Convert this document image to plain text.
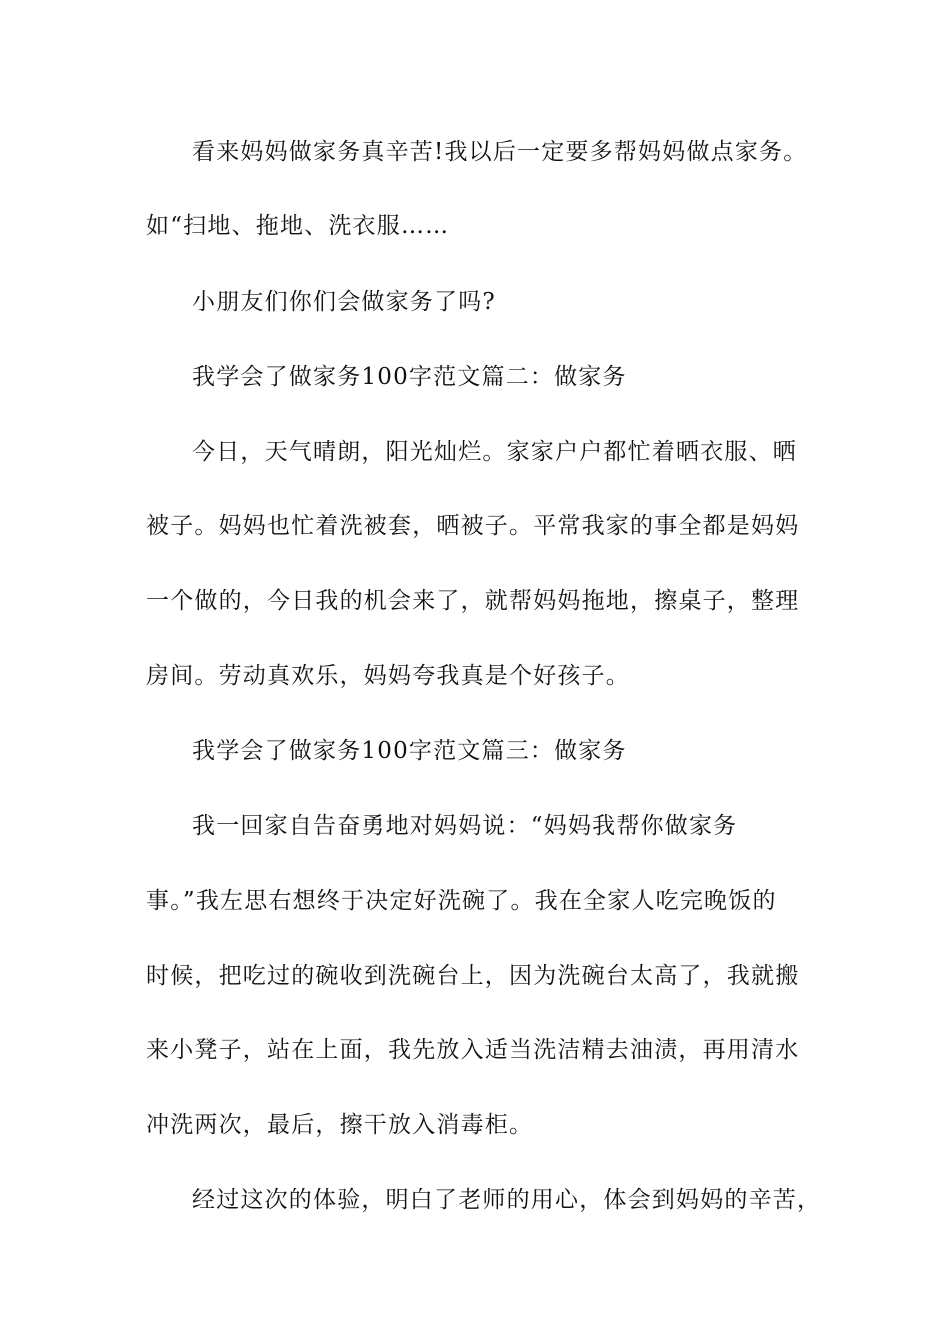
看来妈妈做家务真辛苦!我以后一定要多帮妈妈做点家务。
如“扫地、拖地、洗衣服……
小朋友们你们会做家务了吗?
我学会了做家务100字范文篇二：做家务
今日，天气晴朗，阳光灿烂。家家户户都忙着晒衣服、晒
被子。妈妈也忙着洗被套，晒被子。平常我家的事全都是妈妈
一个做的，今日我的机会来了，就帮妈妈拖地，擦桌子，整理
房间。劳动真欢乐，妈妈夸我真是个好孩子。
我学会了做家务100字范文篇三：做家务
我一回家自告奋勇地对妈妈说：“妈妈我帮你做家务
事。”我左思右想终于决定好洗碗了。我在全家人吃完晚饭的
时候，把吃过的碗收到洗碗台上，因为洗碗台太高了，我就搬
来小凳子，站在上面，我先放入适当洗洁精去油渍，再用清水
冲洗两次，最后，擦干放入消毒柜。
经过这次的体验，明白了老师的用心，体会到妈妈的辛苦，
